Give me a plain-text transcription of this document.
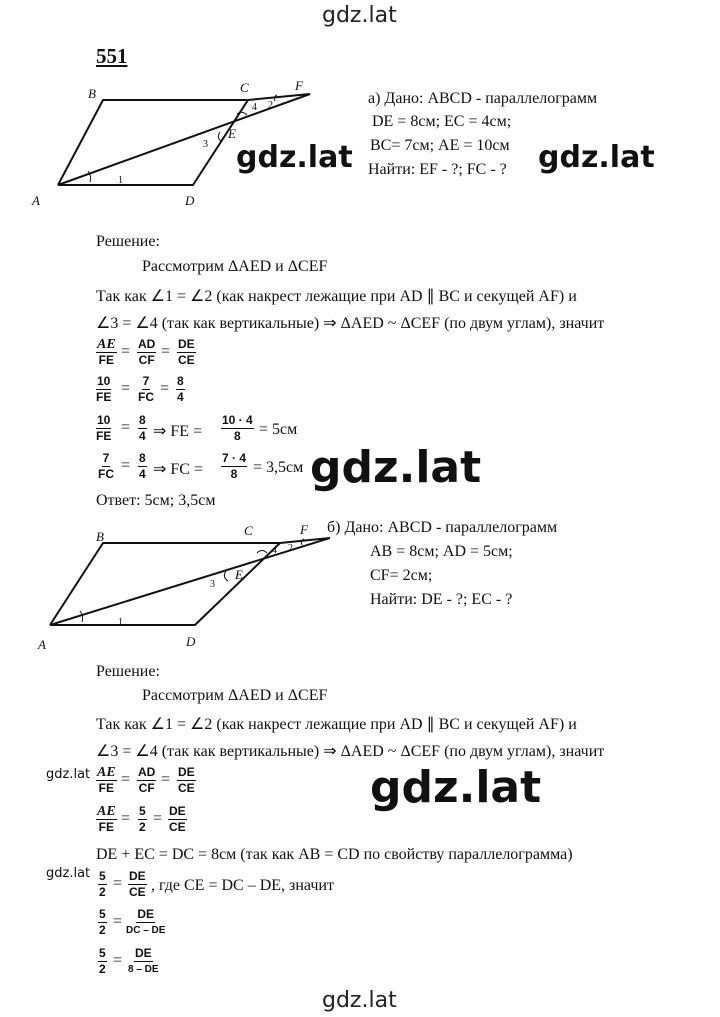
gdz.lat
551
B	C	F
E
A	D
1
2
3
4
а) Дано: ABCD - параллелограмм
DE = 8см; EC = 4см;
BC= 7см; AE = 10см
Найти: EF - ?; FC - ?
gdz.lat	gdz.lat
Решение:
Рассмотрим ΔAED и ΔCEF
Так как ∠1 = ∠2 (как накрест лежащие при AD ∥ BC и секущей AF) и
∠3 = ∠4 (так как вертикальные) ⇒ ΔAED ~ ΔCEF (по двум углам), значит
$\frac{AE}{FE} = \frac{AD}{CF} = \frac{DE}{CE}$
$\frac{10}{FE} = \frac{7}{FC} = \frac{8}{4}$
$\frac{10}{FE} = \frac{8}{4}$ ⇒ FE = $\frac{10 \cdot 4}{8} = 5см$
$\frac{7}{FC} = \frac{8}{4}$ ⇒ FC = $\frac{7 \cdot 4}{8} = 3,5см$ gdz.lat
Ответ: 5см; 3,5см
B	C	F
E
A	D
1
2
3
4
б) Дано: ABCD - параллелограмм
AB = 8см; AD = 5см;
CF= 2см;
Найти: DE - ?; EC - ?
Решение:
Рассмотрим ΔAED и ΔCEF
Так как ∠1 = ∠2 (как накрест лежащие при AD ∥ BC и секущей AF) и
∠3 = ∠4 (так как вертикальные) ⇒ ΔAED ~ ΔCEF (по двум углам), значит
gdz.lat	gdz.lat
$\frac{AE}{FE} = \frac{AD}{CF} = \frac{DE}{CE}$
$\frac{AE}{FE} = \frac{5}{2} = \frac{DE}{CE}$
DE + EC = DC = 8см (так как AB = CD по свойству параллелограмма)
$gdz.lat \frac{5}{2} = \frac{DE}{CE}$ , где CE = DC – DE, значит
$\frac{5}{2}$ = DE
DC – DE
$\frac{5}{2}$ = DE
8 – DE
gdz.lat
